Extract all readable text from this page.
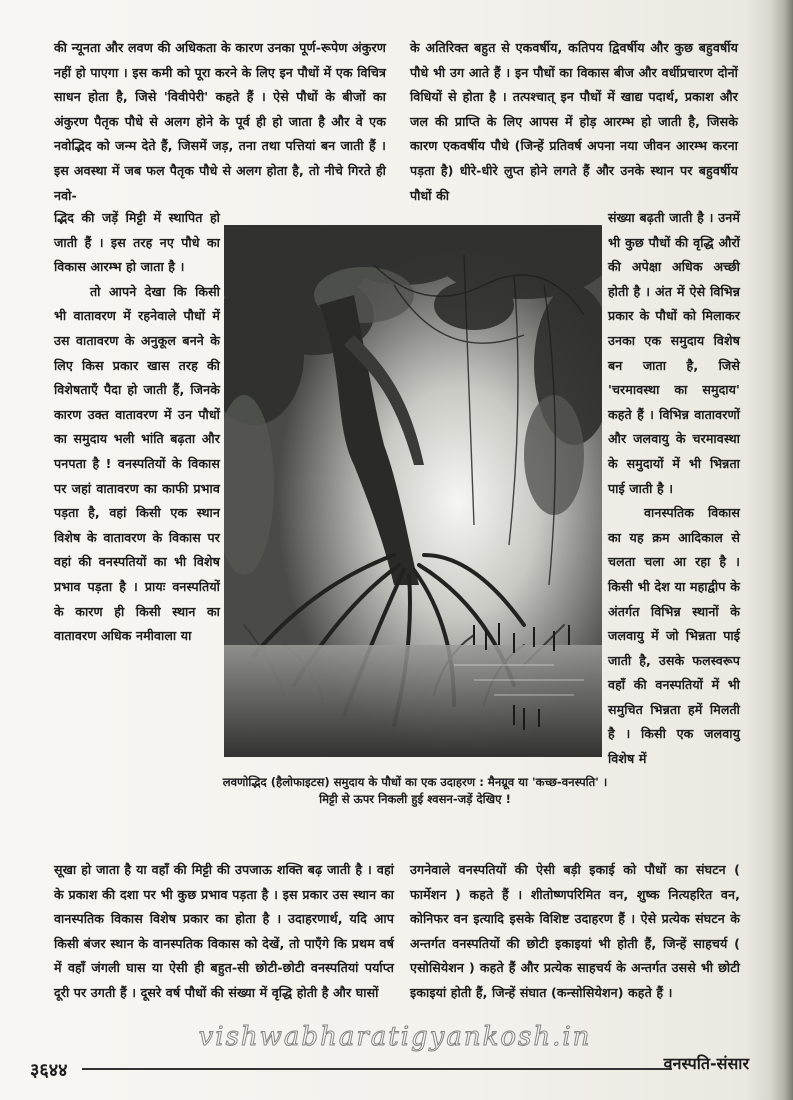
की न्यूनता और लवण की अधिकता के कारण उनका पूर्ण-रूपेण अंकुरण नहीं हो पाएगा । इस कमी को पूरा करने के लिए इन पौधों में एक विचित्र साधन होता है, जिसे 'विवीपेरी' कहते हैं । ऐसे पौधों के बीजों का अंकुरण पैतृक पौधे से अलग होने के पूर्व ही हो जाता है और वे एक नवोद्भिद को जन्म देते हैं, जिसमें जड़, तना तथा पत्तियां बन जाती हैं । इस अवस्था में जब फल पैतृक पौधे से अलग होता है, तो नीचे गिरते ही नवो-

द्भिद की जड़ें मिट्टी में स्थापित हो जाती हैं । इस तरह नए पौधे का विकास आरम्भ हो जाता है ।

तो आपने देखा कि किसी भी वातावरण में रहनेवाले पौधों में उस वातावरण के अनुकूल बनने के लिए किस प्रकार खास तरह की विशेषताएँ पैदा हो जाती हैं, जिनके कारण उक्त वातावरण में उन पौधों का समुदाय भली भांति बढ़ता और पनपता है ! वनस्पतियों के विकास पर जहां वातावरण का काफी प्रभाव पड़ता है, वहां किसी एक स्थान विशेष के वातावरण के विकास पर वहां की वनस्पतियों का भी विशेष प्रभाव पड़ता है । प्रायः वनस्पतियों के कारण ही किसी स्थान का वातावरण अधिक नमीवाला या

के अतिरिक्त बहुत से एकवर्षीय, कतिपय द्विवर्षीय और कुछ बहुवर्षीय पौधे भी उग आते हैं । इन पौधों का विकास बीज और वर्धीप्रचारण दोनों विधियों से होता है । तत्पश्चात् इन पौधों में खाद्य पदार्थ, प्रकाश और जल की प्राप्ति के लिए आपस में होड़ आरम्भ हो जाती है, जिसके कारण एकवर्षीय पौधे (जिन्हें प्रतिवर्ष अपना नया जीवन आरम्भ करना पड़ता है) धीरे-धीरे लुप्त होने लगते हैं और उनके स्थान पर बहुवर्षीय पौधों की

संख्या बढ़ती जाती है । उनमें भी कुछ पौधों की वृद्धि औरों की अपेक्षा अधिक अच्छी होती है । अंत में ऐसे विभिन्न प्रकार के पौधों को मिलाकर उनका एक समुदाय विशेष बन जाता है, जिसे 'चरमावस्था का समुदाय' कहते हैं । विभिन्न वातावरणों और जलवायु के चरमावस्था के समुदायों में भी भिन्नता पाई जाती है ।

वानस्पतिक विकास का यह क्रम आदिकाल से चलता चला आ रहा है । किसी भी देश या महाद्वीप के अंतर्गत विभिन्न स्थानों के जलवायु में जो भिन्नता पाई जाती है, उसके फलस्वरूप वहाँ की वनस्पतियों में भी समुचित भिन्नता हमें मिलती है । किसी एक जलवायु विशेष में

लवणोद्भिद (हैलोफाइटस) समुदाय के पौधों का एक उदाहरण : मैनग्रूव या 'कच्छ-वनस्पति' । मिट्टी से ऊपर निकली हुई श्वसन-जड़ें देखिए !

सूखा हो जाता है या वहाँ की मिट्टी की उपजाऊ शक्ति बढ़ जाती है । वहां के प्रकाश की दशा पर भी कुछ प्रभाव पड़ता है । इस प्रकार उस स्थान का वानस्पतिक विकास विशेष प्रकार का होता है । उदाहरणार्थ, यदि आप किसी बंजर स्थान के वानस्पतिक विकास को देखें, तो पाएँगे कि प्रथम वर्ष में वहाँ जंगली घास या ऐसी ही बहुत-सी छोटी-छोटी वनस्पतियां पर्याप्त दूरी पर उगती हैं । दूसरे वर्ष पौधों की संख्या में वृद्धि होती है और घासों

उगनेवाले वनस्पतियों की ऐसी बड़ी इकाई को पौधों का संघटन ( फार्मेशन ) कहते हैं । शीतोष्णपरिमित वन, शुष्क नित्यहरित वन, कोनिफर वन इत्यादि इसके विशिष्ट उदाहरण हैं । ऐसे प्रत्येक संघटन के अन्तर्गत वनस्पतियों की छोटी इकाइयां भी होती हैं, जिन्हें साहचर्य ( एसोसियेशन ) कहते हैं और प्रत्येक साहचर्य के अन्तर्गत उससे भी छोटी इकाइयां होती हैं, जिन्हें संघात (कन्सोसियेशन) कहते हैं ।

vishwabharatigyankosh.in
३६४४	वनस्पति-संसार
